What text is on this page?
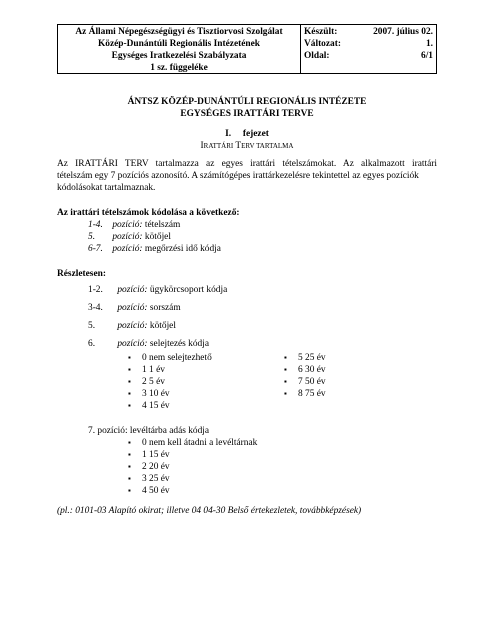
Az Állami Népegészségügyi és Tisztiorvosi Szolgálat
Közép-Dunántúli Regionális Intézetének
Egységes Iratkezelési Szabályzata
1 sz. függeléke
Készült:	2007. július 02.
Változat:	1.
Oldal:	6/1
ÁNTSZ KÖZÉP-DUNÁNTÚLI REGIONÁLIS INTÉZETE
EGYSÉGES IRATTÁRI TERVE
I. fejezet
IRATTÁRI TERV TARTALMA
Az IRATTÁRI TERV tartalmazza az egyes irattári tételszámokat. Az alkalmazott irattári
tételszám egy 7 pozíciós azonosító. A számítógépes irattárkezelésre tekintettel az egyes pozíciók
kódolásokat tartalmaznak.
Az irattári tételszámok kódolása a következő:
1-4. pozíció: tételszám
5. pozíció: kötőjel
6-7. pozíció: megőrzési idő kódja
Részletesen:
1-2. pozíció: ügykörcsoport kódja
3-4. pozíció: sorszám
5. pozíció: kötőjel
6. pozíció: selejtezés kódja
▪ 0 nem selejtezhető
▪ 1 1 év
▪ 2 5 év
▪ 3 10 év
▪ 4 15 év
▪ 5 25 év
▪ 6 30 év
▪ 7 50 év
▪ 8 75 év
7. pozíció: levéltárba adás kódja
▪ 0 nem kell átadni a levéltárnak
▪ 1 15 év
▪ 2 20 év
▪ 3 25 év
▪ 4 50 év
(pl.: 0101-03 Alapító okirat; illetve 04 04-30 Belső értekezletek, továbbképzések)
